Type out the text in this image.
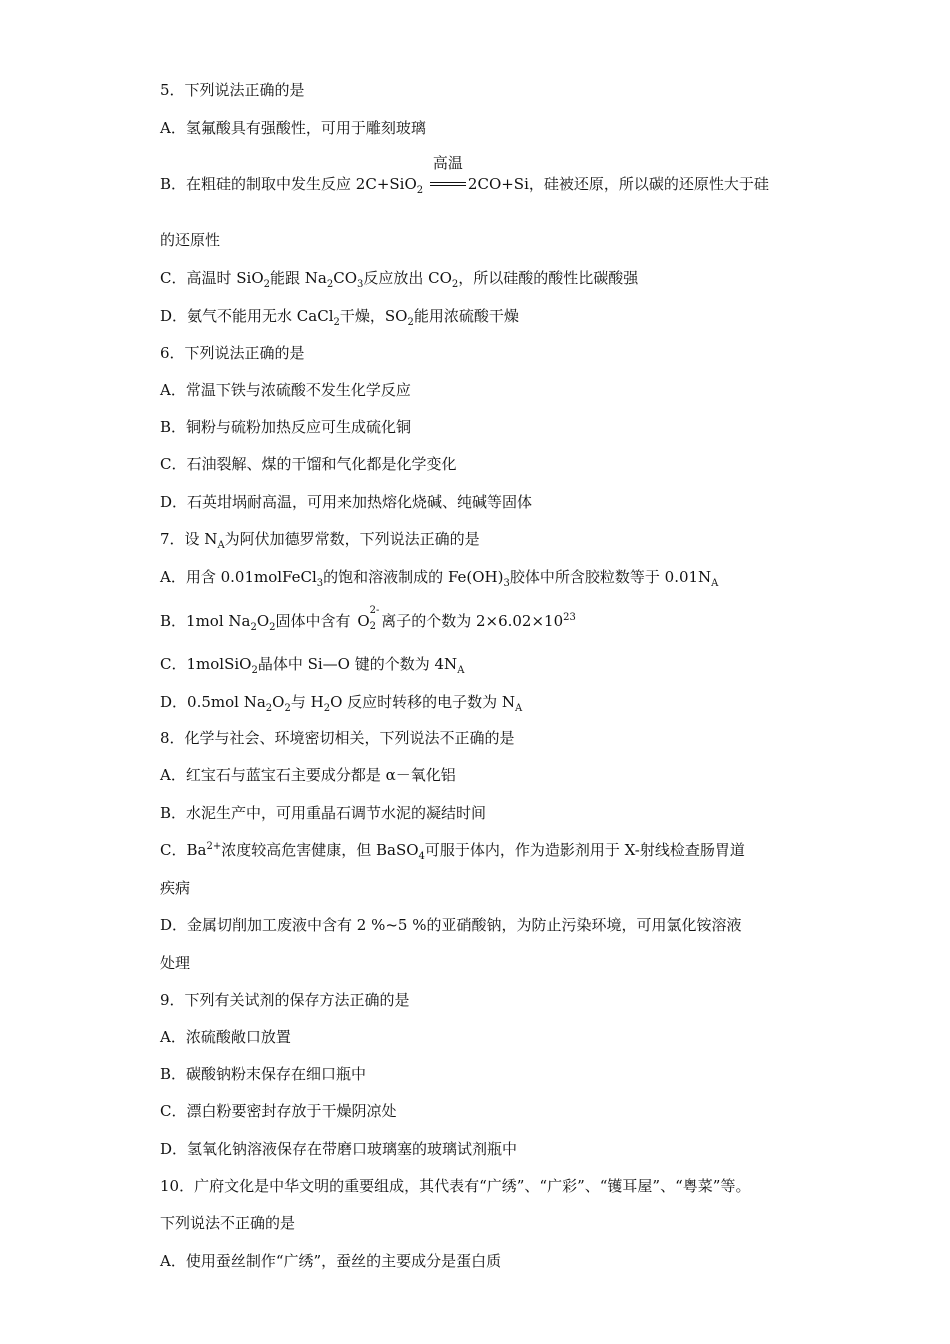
5．下列说法正确的是
A．氢氟酸具有强酸性，可用于雕刻玻璃
B．在粗硅的制取中发生反应 2C+SiO$_2$
高温
2CO+Si，硅被还原，所以碳的还原性大于硅
的还原性
C．高温时 SiO$_2$能跟 $Na_2CO_3$反应放出 $CO_2$，所以硅酸的酸性比碳酸强
D．氨气不能用无水 CaCl$_2$干燥，$SO_2$能用浓硫酸干燥
6．下列说法正确的是
A．常温下铁与浓硫酸不发生化学反应
B．铜粉与硫粉加热反应可生成硫化铜
C．石油裂解、煤的干馏和气化都是化学变化
D．石英坩埚耐高温，可用来加热熔化烧碱、纯碱等固体
7．设 $N_A$为阿伏加德罗常数，下列说法正确的是
A．用含 0.01molFeCl$_3$的饱和溶液制成的 $Fe(OH)_3$胶体中所含胶粒数等于 $0.01N_A$
B．1mol $Na_2O_2$固体中含有 O
2-
2 离子的个数为 $2\times 6.02\times 10^{23}$
C．1molSiO$_2$晶体中 Si—O 键的个数为 $4N_A$
D．0.5mol $Na_2O_2$与 $H_2O$ 反应时转移的电子数为 $N_A$
8．化学与社会、环境密切相关，下列说法不正确的是
A．红宝石与蓝宝石主要成分都是 α－氧化铝
B．水泥生产中，可用重晶石调节水泥的凝结时间
C．$Ba^{2+}$浓度较高危害健康，但 BaSO$_4$可服于体内，作为造影剂用于 X-射线检查肠胃道
疾病
D．金属切削加工废液中含有 2 %~5 %的亚硝酸钠，为防止污染环境，可用氯化铵溶液
处理
9．下列有关试剂的保存方法正确的是
A．浓硫酸敞口放置
B．碳酸钠粉末保存在细口瓶中
C．漂白粉要密封存放于干燥阴凉处
D．氢氧化钠溶液保存在带磨口玻璃塞的玻璃试剂瓶中
10．广府文化是中华文明的重要组成，其代表有“广绣”、“广彩”、“镬耳屋”、“粤菜”等。
下列说法不正确的是
A．使用蚕丝制作“广绣”，蚕丝的主要成分是蛋白质
